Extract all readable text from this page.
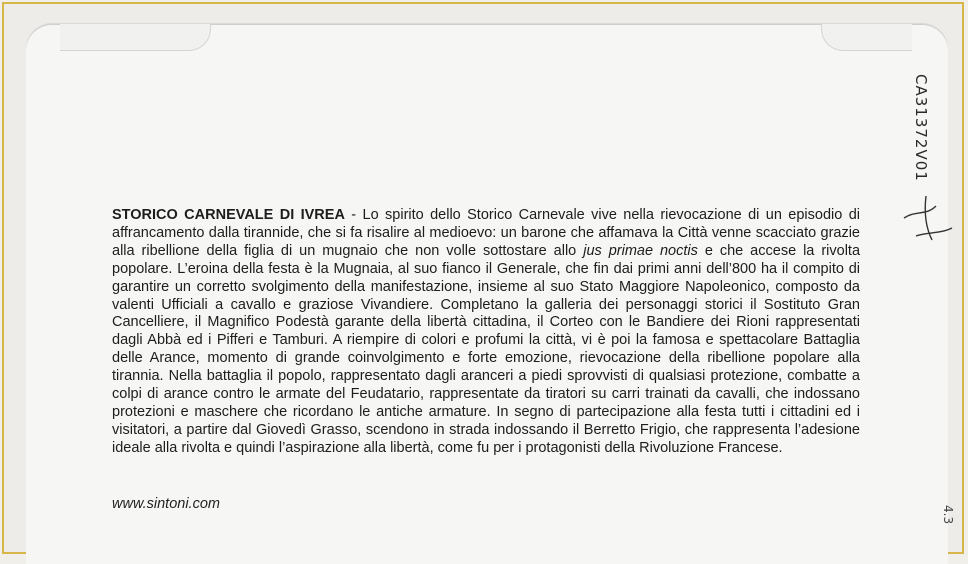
STORICO CARNEVALE DI IVREA - Lo spirito dello Storico Carnevale vive nella rievocazione di un episodio di affrancamento dalla tirannide, che si fa risalire al medioevo: un barone che affamava la Città venne scacciato grazie alla ribellione della figlia di un mugnaio che non volle sottostare allo jus primae noctis e che accese la rivolta popolare. L’eroina della festa è la Mugnaia, al suo fianco il Generale, che fin dai primi anni dell’800 ha il compito di garantire un corretto svolgimento della manifestazione, insieme al suo Stato Maggiore Napoleonico, composto da valenti Ufficiali a cavallo e graziose Vivandiere. Completano la galleria dei personaggi storici il Sostituto Gran Cancelliere, il Magnifico Podestà garante della libertà cittadina, il Corteo con le Bandiere dei Rioni rappresentati dagli Abbà ed i Pifferi e Tamburi. A riempire di colori e profumi la città, vi è poi la famosa e spettacolare Battaglia delle Arance, momento di grande coinvolgimento e forte emozione, rievocazione della ribellione popolare alla tirannia. Nella battaglia il popolo, rappresentato dagli aranceri a piedi sprovvisti di qualsiasi protezione, combatte a colpi di arance contro le armate del Feudatario, rappresentate da tiratori su carri trainati da cavalli, che indossano protezioni e maschere che ricordano le antiche armature. In segno di partecipazione alla festa tutti i cittadini ed i visitatori, a partire dal Giovedì Grasso, scendono in strada indossando il Berretto Frigio, che rappresenta l’adesione ideale alla rivolta e quindi l’aspirazione alla libertà, come fu per i protagonisti della Rivoluzione Francese.
www.sintoni.com
CA31372V01
4.3
